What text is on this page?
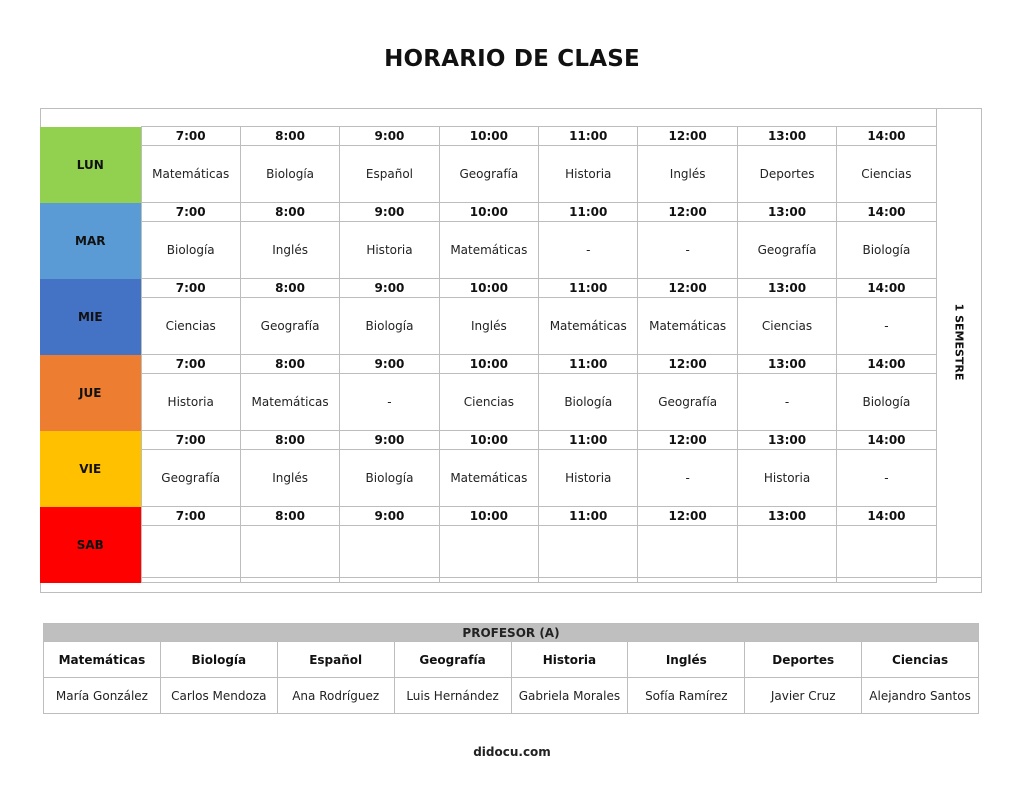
HORARIO DE CLASE
1 SEMESTRE
LUN	7:00	8:00	9:00	10:00	11:00	12:00	13:00	14:00
	Matemáticas	Biología	Español	Geografía	Historia	Inglés	Deportes	Ciencias
MAR	7:00	8:00	9:00	10:00	11:00	12:00	13:00	14:00
	Biología	Inglés	Historia	Matemáticas	-	-	Geografía	Biología
MIE	7:00	8:00	9:00	10:00	11:00	12:00	13:00	14:00
	Ciencias	Geografía	Biología	Inglés	Matemáticas	Matemáticas	Ciencias	-
JUE	7:00	8:00	9:00	10:00	11:00	12:00	13:00	14:00
	Historia	Matemáticas	-	Ciencias	Biología	Geografía	-	Biología
VIE	7:00	8:00	9:00	10:00	11:00	12:00	13:00	14:00
	Geografía	Inglés	Biología	Matemáticas	Historia	-	Historia	-
SAB	7:00	8:00	9:00	10:00	11:00	12:00	13:00	14:00

PROFESOR (A)							
Matemáticas	Biología	Español	Geografía	Historia	Inglés	Deportes	Ciencias
María González	Carlos Mendoza	Ana Rodríguez	Luis Hernández	Gabriela Morales	Sofía Ramírez	Javier Cruz	Alejandro Santos
didocu.com
